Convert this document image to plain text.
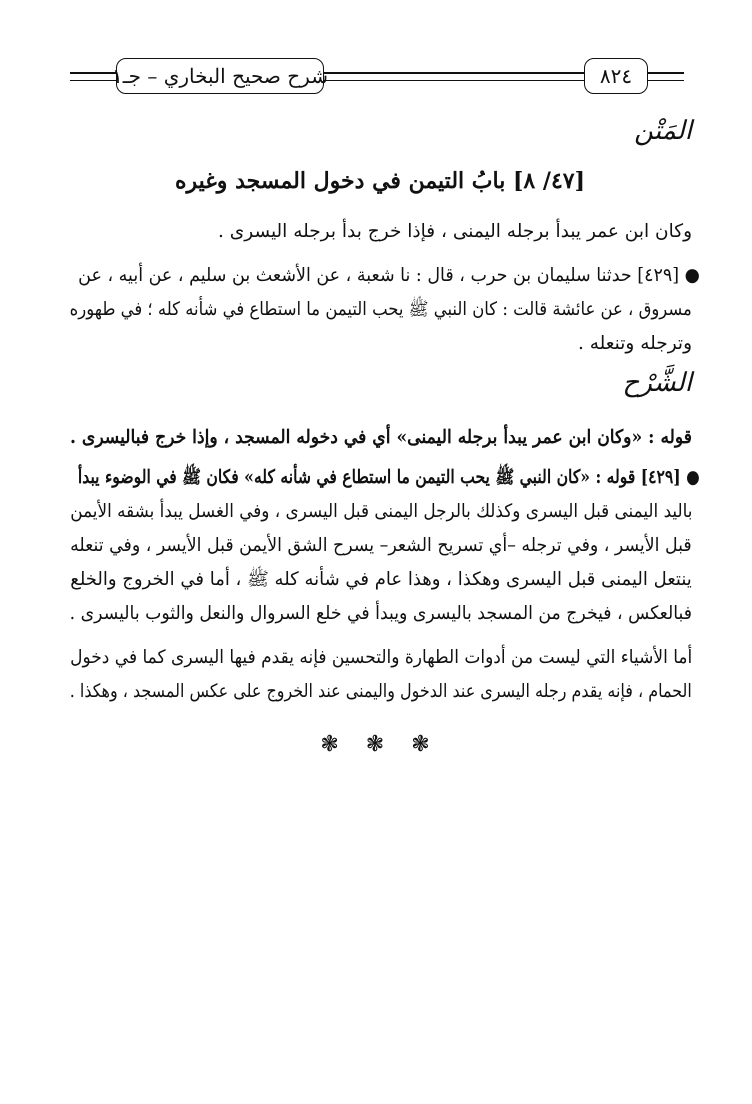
شرح صحيح البخاري – جـ١	٨٢٤
المَتْن
[٤٧/ ٨] بابُ التيمن في دخول المسجد وغيره
وكان ابن عمر يبدأ برجله اليمنى ، فإذا خرج بدأ برجله اليسرى .
● [٤٢٩] حدثنا سليمان بن حرب ، قال : نا شعبة ، عن الأشعث بن سليم ، عن أبيه ، عن
مسروق ، عن عائشة قالت : كان النبي ﷺ يحب التيمن ما استطاع في شأنه كله ؛ في طهوره
وترجله وتنعله .
الشَّرْح
قوله : «وكان ابن عمر يبدأ برجله اليمنى» أي في دخوله المسجد ، وإذا خرج فباليسرى .
● [٤٢٩] قوله : «كان النبي ﷺ يحب التيمن ما استطاع في شأنه كله» فكان ﷺ في الوضوء يبدأ
باليد اليمنى قبل اليسرى وكذلك بالرجل اليمنى قبل اليسرى ، وفي الغسل يبدأ بشقه الأيمن
قبل الأيسر ، وفي ترجله –أي تسريح الشعر– يسرح الشق الأيمن قبل الأيسر ، وفي تنعله
ينتعل اليمنى قبل اليسرى وهكذا ، وهذا عام في شأنه كله ﷺ ، أما في الخروج والخلع
فبالعكس ، فيخرج من المسجد باليسرى ويبدأ في خلع السروال والنعل والثوب باليسرى .
أما الأشياء التي ليست من أدوات الطهارة والتحسين فإنه يقدم فيها اليسرى كما في دخول
الحمام ، فإنه يقدم رجله اليسرى عند الدخول واليمنى عند الخروج على عكس المسجد ، وهكذا .
❃ ❃ ❃
